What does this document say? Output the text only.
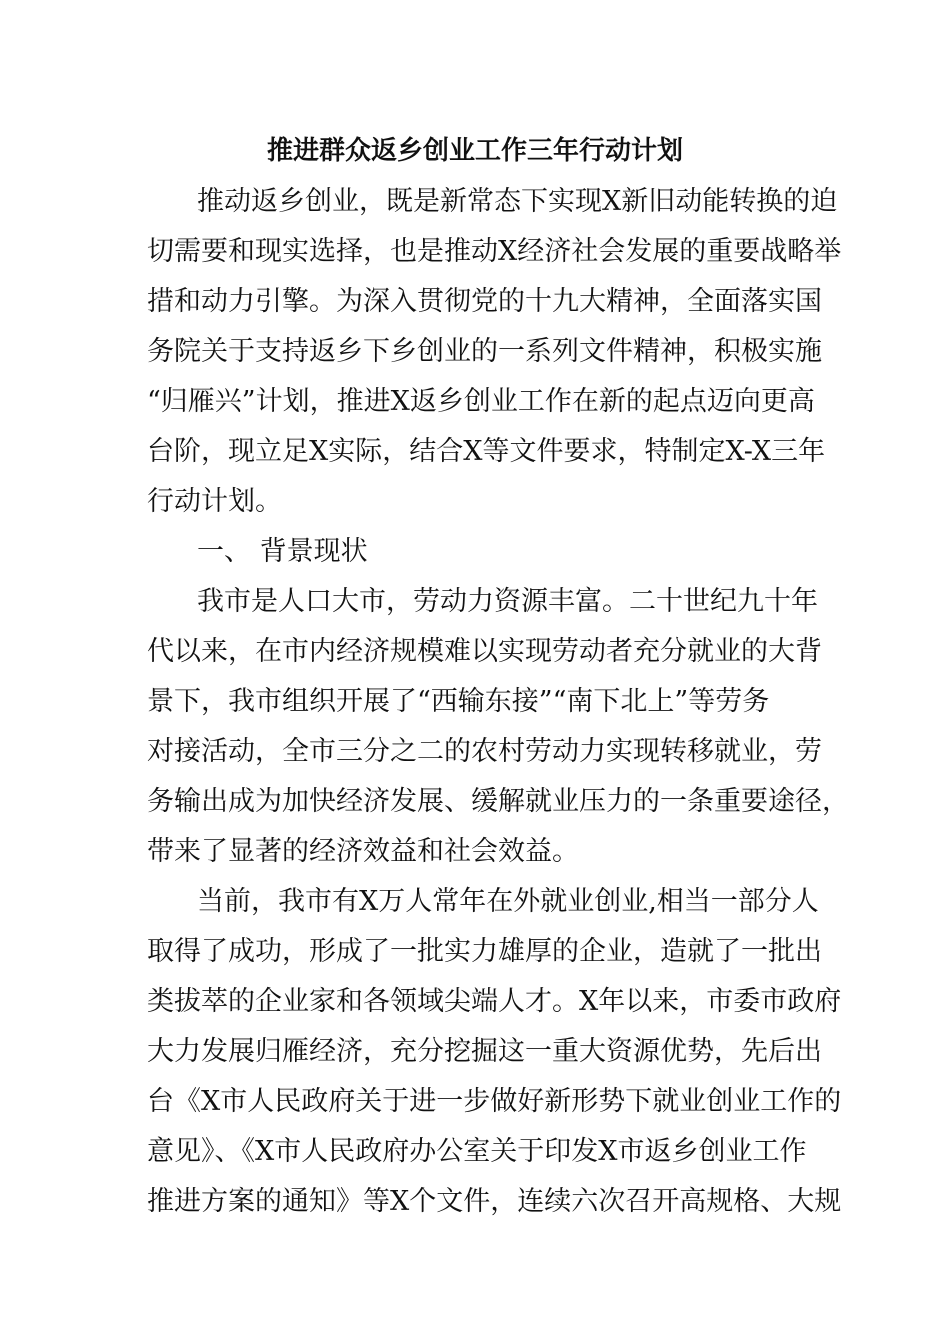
推进群众返乡创业工作三年行动计划
推动返乡创业，既是新常态下实现X新旧动能转换的迫
切需要和现实选择，也是推动X经济社会发展的重要战略举
措和动力引擎。为深入贯彻党的十九大精神，全面落实国
务院关于支持返乡下乡创业的一系列文件精神，积极实施
“归雁兴”计划，推进X返乡创业工作在新的起点迈向更高
台阶，现立足X实际，结合X等文件要求，特制定X-X三年
行动计划。
一、 背景现状
我市是人口大市，劳动力资源丰富。二十世纪九十年
代以来，在市内经济规模难以实现劳动者充分就业的大背
景下，我市组织开展了“西输东接”“南下北上”等劳务
对接活动，全市三分之二的农村劳动力实现转移就业，劳
务输出成为加快经济发展、缓解就业压力的一条重要途径，
带来了显著的经济效益和社会效益。
当前，我市有X万人常年在外就业创业,相当一部分人
取得了成功，形成了一批实力雄厚的企业，造就了一批出
类拔萃的企业家和各领域尖端人才。X年以来，市委市政府
大力发展归雁经济，充分挖掘这一重大资源优势，先后出
台《X市人民政府关于进一步做好新形势下就业创业工作的
意见》、《X市人民政府办公室关于印发X市返乡创业工作
推进方案的通知》等X个文件，连续六次召开高规格、大规
